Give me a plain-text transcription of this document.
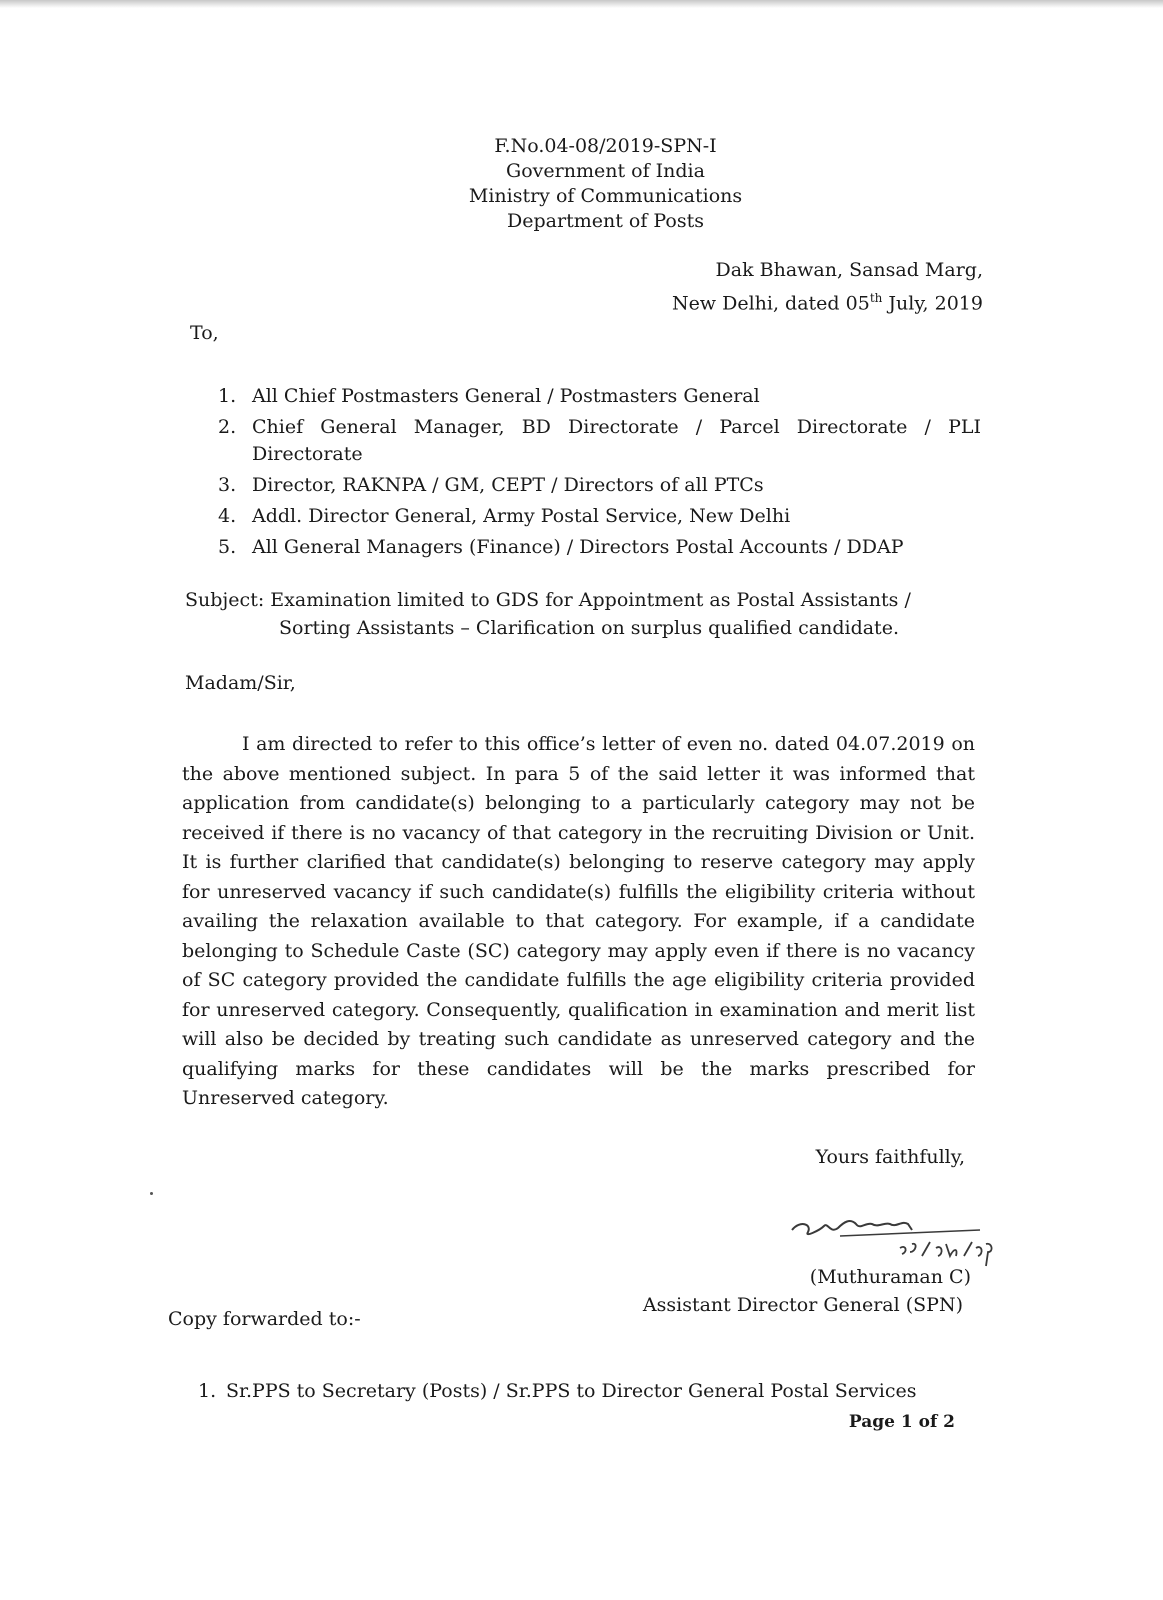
F.No.04-08/2019-SPN-I
Government of India
Ministry of Communications
Department of Posts
Dak Bhawan, Sansad Marg,
New Delhi, dated 05th July, 2019
To,
1. All Chief Postmasters General / Postmasters General
2. Chief General Manager, BD Directorate / Parcel Directorate / PLI Directorate
3. Director, RAKNPA / GM, CEPT / Directors of all PTCs
4. Addl. Director General, Army Postal Service, New Delhi
5. All General Managers (Finance) / Directors Postal Accounts / DDAP
Subject: Examination limited to GDS for Appointment as Postal Assistants /
Sorting Assistants – Clarification on surplus qualified candidate.
Madam/Sir,
I am directed to refer to this office’s letter of even no. dated 04.07.2019 on the above mentioned subject. In para 5 of the said letter it was informed that application from candidate(s) belonging to a particularly category may not be received if there is no vacancy of that category in the recruiting Division or Unit. It is further clarified that candidate(s) belonging to reserve category may apply for unreserved vacancy if such candidate(s) fulfills the eligibility criteria without availing the relaxation available to that category. For example, if a candidate belonging to Schedule Caste (SC) category may apply even if there is no vacancy of SC category provided the candidate fulfills the age eligibility criteria provided for unreserved category. Consequently, qualification in examination and merit list will also be decided by treating such candidate as unreserved category and the qualifying marks for these candidates will be the marks prescribed for Unreserved category.
Yours faithfully,
(Muthuraman C)
Assistant Director General (SPN)
Copy forwarded to:-
1. Sr.PPS to Secretary (Posts) / Sr.PPS to Director General Postal Services
Page 1 of 2
